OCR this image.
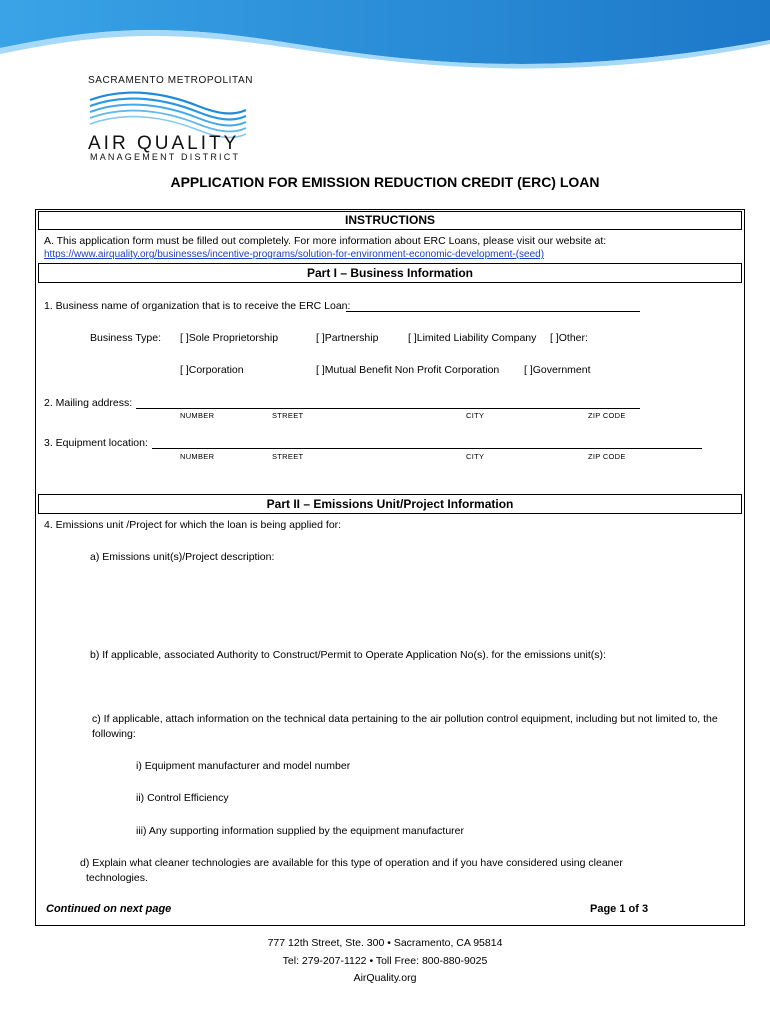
SACRAMENTO METROPOLITAN
AIR QUALITY
MANAGEMENT DISTRICT
APPLICATION FOR EMISSION REDUCTION CREDIT (ERC) LOAN
INSTRUCTIONS
A. This application form must be filled out completely. For more information about ERC Loans, please visit our website at:
https://www.airquality.org/businesses/incentive-programs/solution-for-environment-economic-development-(seed)
Part I – Business Information
1. Business name of organization that is to receive the ERC Loan:
Business Type: [ ]Sole Proprietorship	[ ]Partnership	[ ]Limited Liability Company [ ]Other:
[ ]Corporation	[ ]Mutual Benefit Non Profit Corporation [ ]Government
2. Mailing address:
NUMBER	STREET	CITY	ZIP CODE
3. Equipment location:
NUMBER	STREET	CITY	ZIP CODE
Part II – Emissions Unit/Project Information
4. Emissions unit /Project for which the loan is being applied for:
a) Emissions unit(s)/Project description:
b) If applicable, associated Authority to Construct/Permit to Operate Application No(s). for the emissions unit(s):
c) If applicable, attach information on the technical data pertaining to the air pollution control equipment, including but not limited to, the
following:
i) Equipment manufacturer and model number
ii) Control Efficiency
iii) Any supporting information supplied by the equipment manufacturer
d) Explain what cleaner technologies are available for this type of operation and if you have considered using cleaner
technologies.
Continued on next page	Page 1 of 3
777 12th Street, Ste. 300 • Sacramento, CA 95814
Tel: 279-207-1122 • Toll Free: 800-880-9025
AirQuality.org
